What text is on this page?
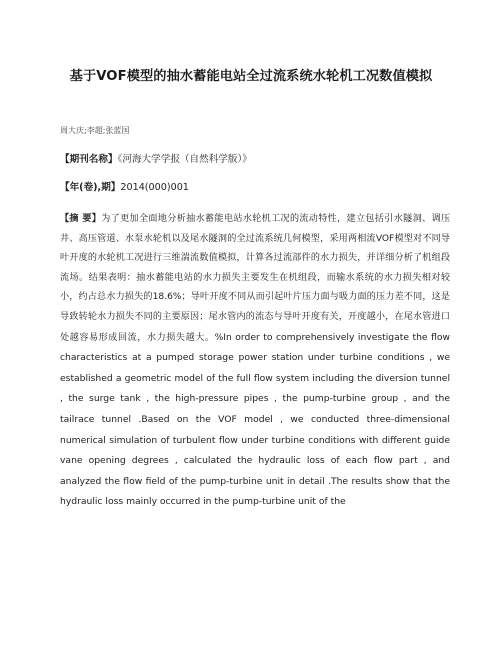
基于VOF模型的抽水蓄能电站全过流系统水轮机工况数值模拟
周大庆;李超;张蓝国
【期刊名称】《河海大学学报（自然科学版）》
【年(卷),期】2014(000)001
【摘 要】为了更加全面地分析抽水蓄能电站水轮机工况的流动特性，建立包括引水隧洞、调压井、高压管道、水泵水轮机以及尾水隧洞的全过流系统几何模型，采用两相流VOF模型对不同导叶开度的水轮机工况进行三维湍流数值模拟，计算各过流部件的水力损失，并详细分析了机组段流场。结果表明：抽水蓄能电站的水力损失主要发生在机组段，而输水系统的水力损失相对较小，约占总水力损失的18.6%；导叶开度不同从而引起叶片压力面与吸力面的压力差不同，这是导致转轮水力损失不同的主要原因；尾水管内的流态与导叶开度有关，开度越小，在尾水管进口处越容易形成回流，水力损失越大。%In order to comprehensively investigate the flow characteristics at a pumped storage power station under turbine conditions , we established a geometric model of the full flow system including the diversion tunnel , the surge tank , the high-pressure pipes , the pump-turbine group , and the tailrace tunnel .Based on the VOF model , we conducted three-dimensional numerical simulation of turbulent flow under turbine conditions with different guide vane opening degrees , calculated the hydraulic loss of each flow part , and analyzed the flow field of the pump-turbine unit in detail .The results show that the hydraulic loss mainly occurred in the pump-turbine unit of the
